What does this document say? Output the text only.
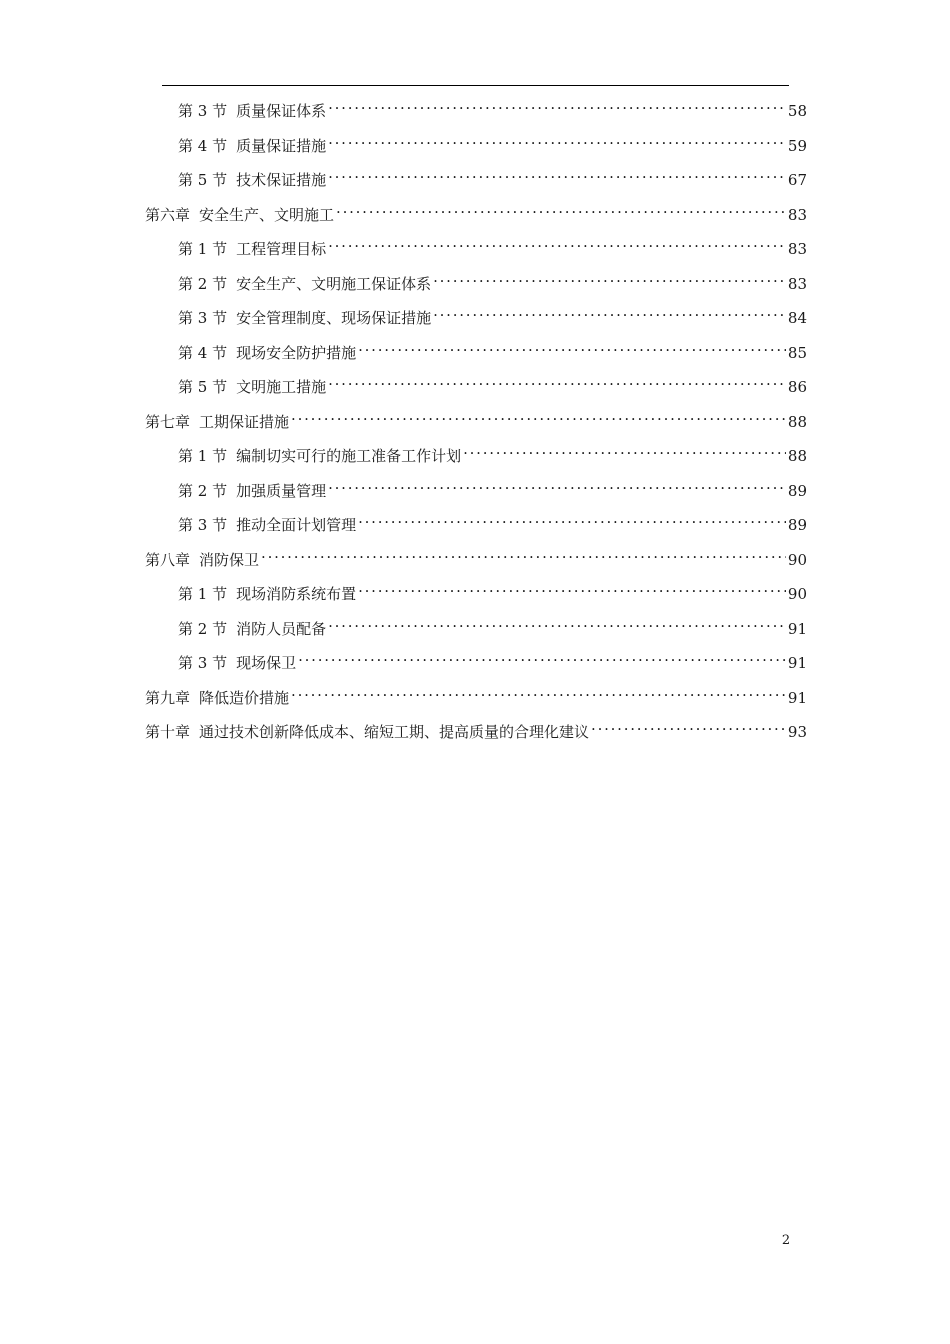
第 3 节 质量保证体系 . . .	58
第 4 节 质量保证措施 . . .	59
第 5 节 技术保证措施 . . .	67
第六章 安全生产、文明施工 . . .	83
第 1 节 工程管理目标 . . .	83
第 2 节 安全生产、文明施工保证体系 . . .	83
第 3 节 安全管理制度、现场保证措施 . . .	84
第 4 节 现场安全防护措施 . . .	85
第 5 节 文明施工措施 . . .	86
第七章 工期保证措施 . . .	88
第 1 节 编制切实可行的施工准备工作计划 . . .	88
第 2 节 加强质量管理 . . .	89
第 3 节 推动全面计划管理 . . .	89
第八章 消防保卫 . . .	90
第 1 节 现场消防系统布置 . . .	90
第 2 节 消防人员配备 . . .	91
第 3 节 现场保卫 . . .	91
第九章 降低造价措施 . . .	91
第十章 通过技术创新降低成本、缩短工期、提高质量的合理化建议 . . .	93
2
